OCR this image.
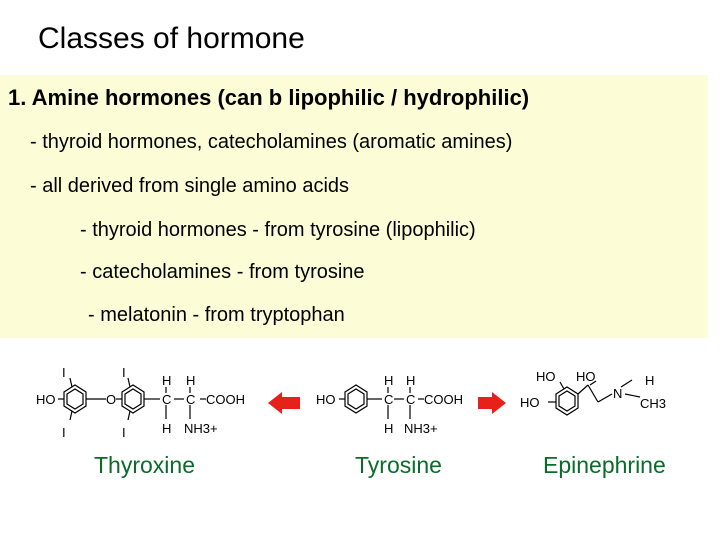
Classes of hormone
1. Amine hormones (can b lipophilic / hydrophilic)
- thyroid hormones, catecholamines (aromatic amines)
- all derived from single amino acids
- thyroid hormones - from tyrosine (lipophilic)
- catecholamines - from tyrosine
- melatonin - from tryptophan
I
I
I
I
HO	O
H H
C C COOH
H NH3+
HO
H H
C C COOH
H NH3+
HO HO
HO
N
H
CH3
Thyroxine	Tyrosine	Epinephrine
